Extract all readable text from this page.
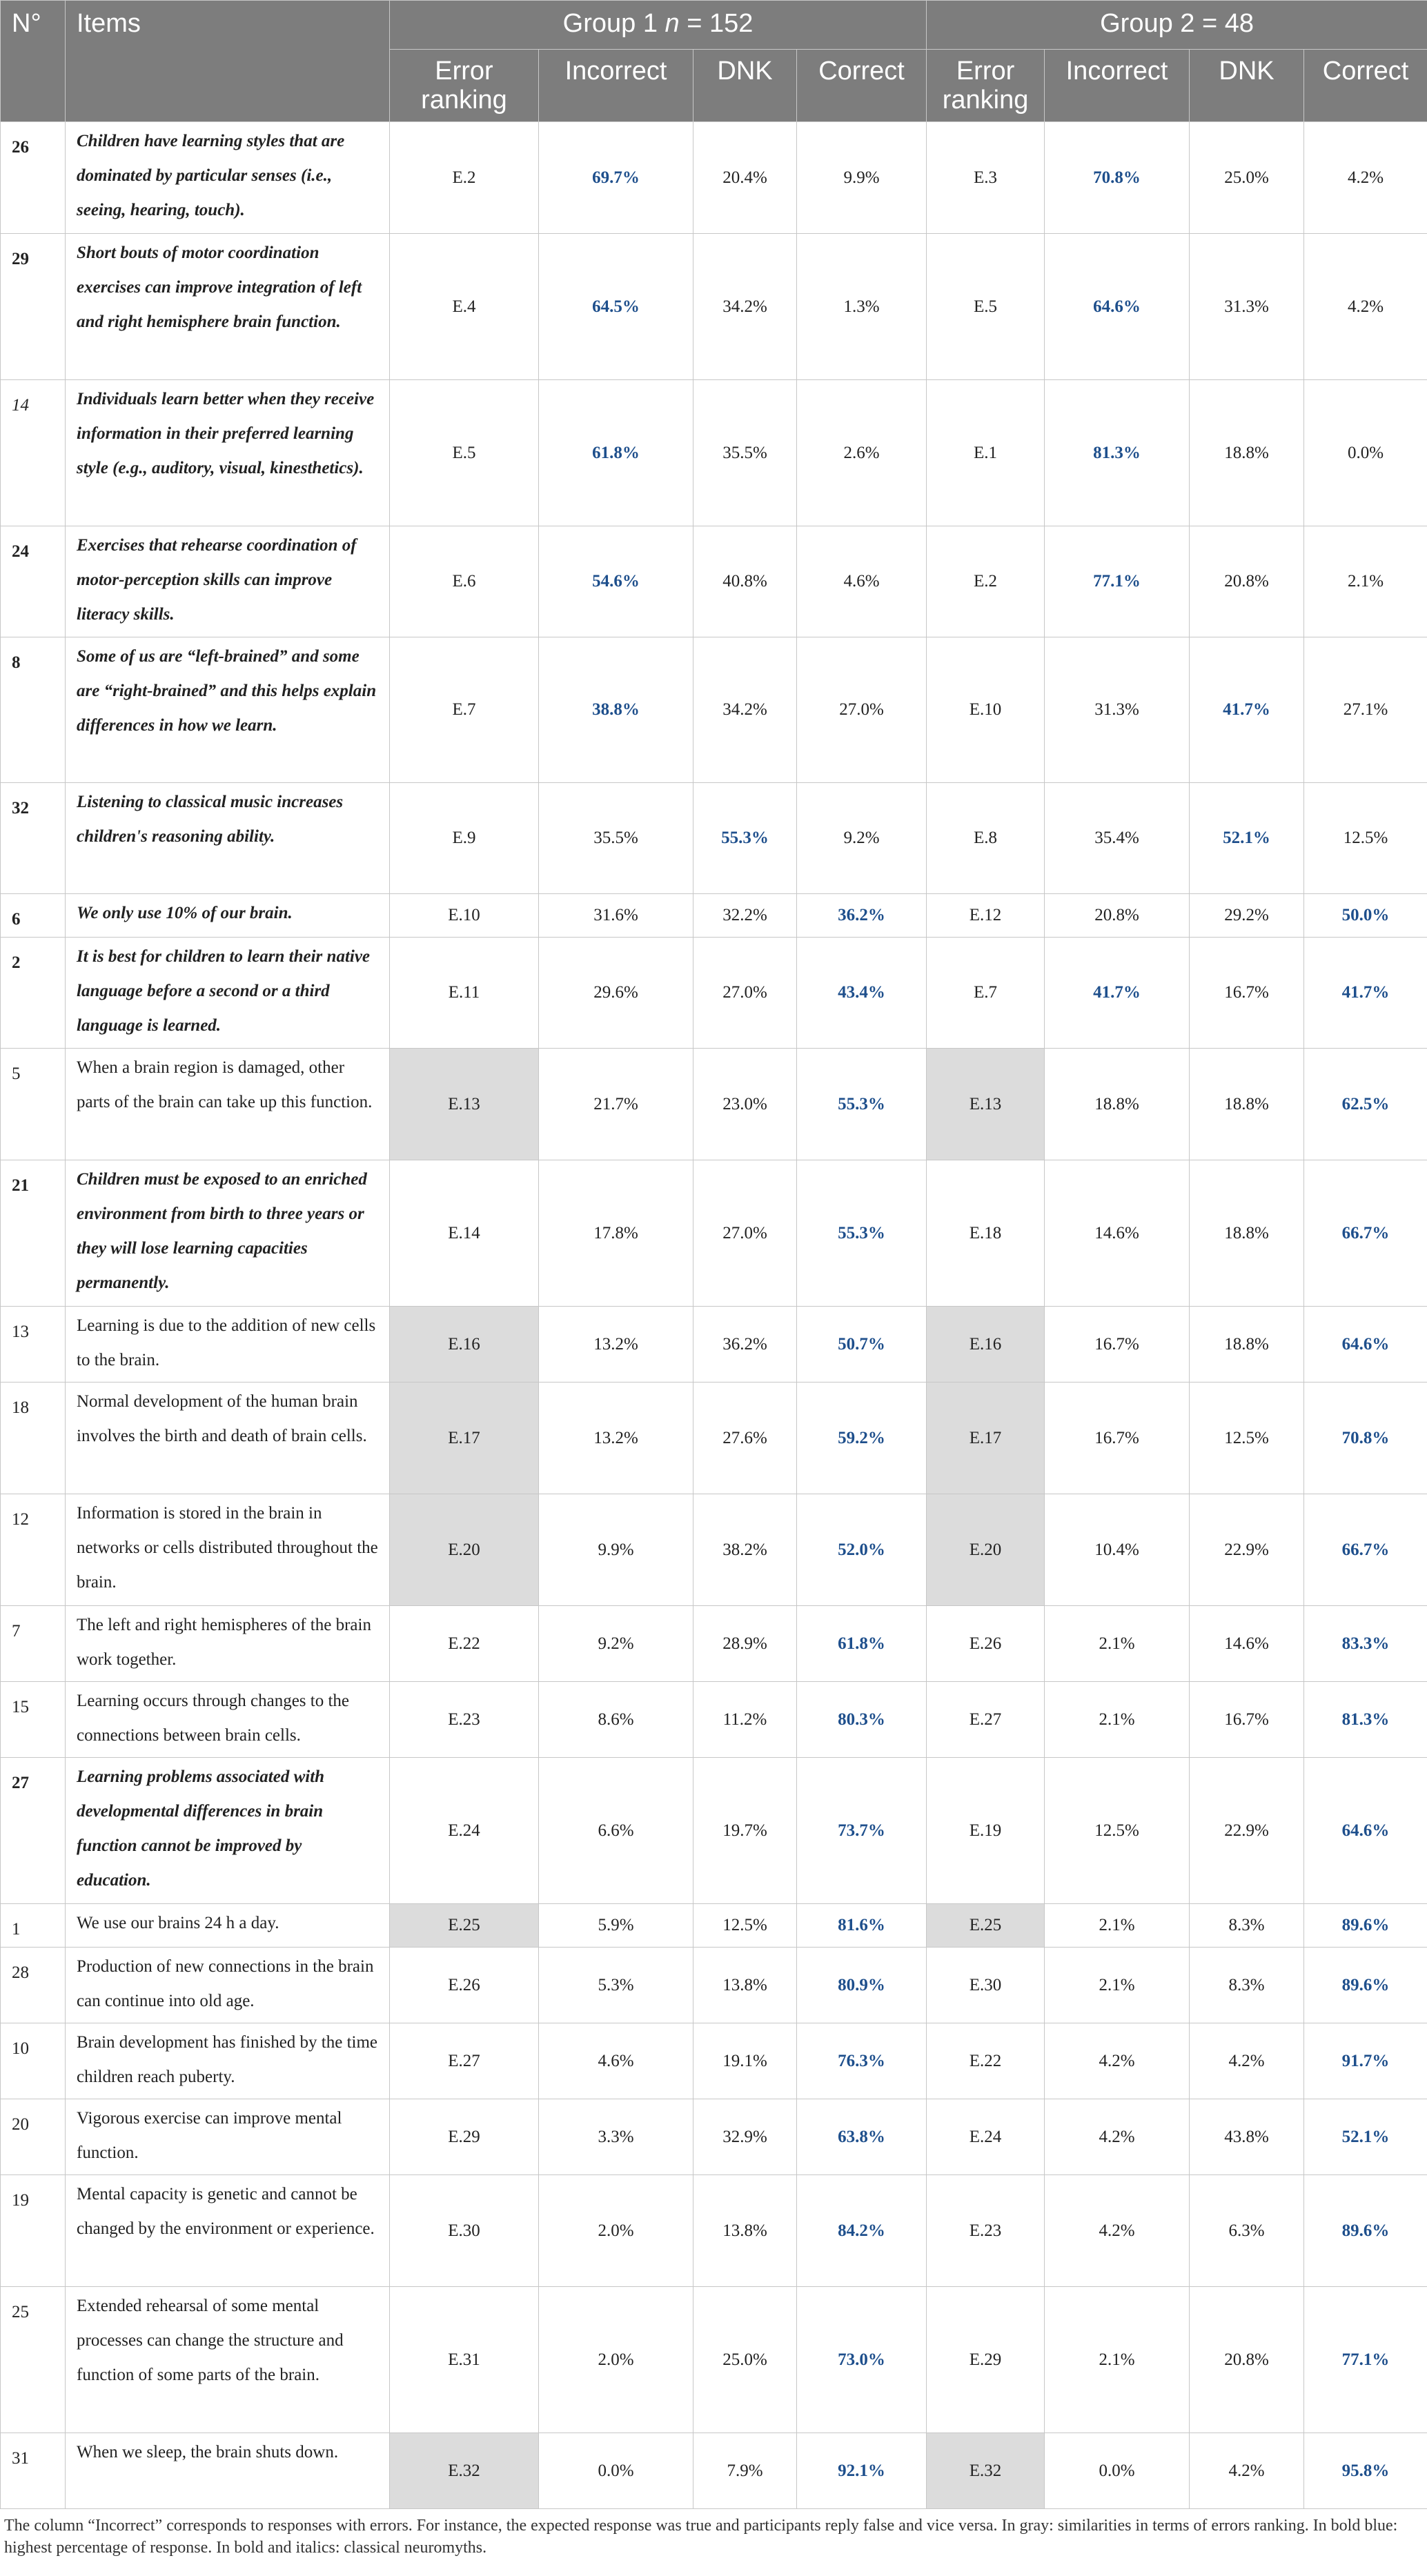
N°	Items	Group 1 n = 152				Group 2 = 48			
		Error ranking	Incorrect	DNK	Correct	Error ranking	Incorrect	DNK	Correct
26	Children have learning styles that are dominated by particular senses (i.e., seeing, hearing, touch).	E.2	69.7%	20.4%	9.9%	E.3	70.8%	25.0%	4.2%
29	Short bouts of motor coordination exercises can improve integration of left and right hemisphere brain function.	E.4	64.5%	34.2%	1.3%	E.5	64.6%	31.3%	4.2%
14	Individuals learn better when they receive information in their preferred learning style (e.g., auditory, visual, kinesthetics).	E.5	61.8%	35.5%	2.6%	E.1	81.3%	18.8%	0.0%
24	Exercises that rehearse coordination of motor-perception skills can improve literacy skills.	E.6	54.6%	40.8%	4.6%	E.2	77.1%	20.8%	2.1%
8	Some of us are “left-brained” and some are “right-brained” and this helps explain differences in how we learn.	E.7	38.8%	34.2%	27.0%	E.10	31.3%	41.7%	27.1%
32	Listening to classical music increases children's reasoning ability.	E.9	35.5%	55.3%	9.2%	E.8	35.4%	52.1%	12.5%
6	We only use 10% of our brain.	E.10	31.6%	32.2%	36.2%	E.12	20.8%	29.2%	50.0%
2	It is best for children to learn their native language before a second or a third language is learned.	E.11	29.6%	27.0%	43.4%	E.7	41.7%	16.7%	41.7%
5	When a brain region is damaged, other parts of the brain can take up this function.	E.13	21.7%	23.0%	55.3%	E.13	18.8%	18.8%	62.5%
21	Children must be exposed to an enriched environment from birth to three years or they will lose learning capacities permanently.	E.14	17.8%	27.0%	55.3%	E.18	14.6%	18.8%	66.7%
13	Learning is due to the addition of new cells to the brain.	E.16	13.2%	36.2%	50.7%	E.16	16.7%	18.8%	64.6%
18	Normal development of the human brain involves the birth and death of brain cells.	E.17	13.2%	27.6%	59.2%	E.17	16.7%	12.5%	70.8%
12	Information is stored in the brain in networks or cells distributed throughout the brain.	E.20	9.9%	38.2%	52.0%	E.20	10.4%	22.9%	66.7%
7	The left and right hemispheres of the brain work together.	E.22	9.2%	28.9%	61.8%	E.26	2.1%	14.6%	83.3%
15	Learning occurs through changes to the connections between brain cells.	E.23	8.6%	11.2%	80.3%	E.27	2.1%	16.7%	81.3%
27	Learning problems associated with developmental differences in brain function cannot be improved by education.	E.24	6.6%	19.7%	73.7%	E.19	12.5%	22.9%	64.6%
1	We use our brains 24 h a day.	E.25	5.9%	12.5%	81.6%	E.25	2.1%	8.3%	89.6%
28	Production of new connections in the brain can continue into old age.	E.26	5.3%	13.8%	80.9%	E.30	2.1%	8.3%	89.6%
10	Brain development has finished by the time children reach puberty.	E.27	4.6%	19.1%	76.3%	E.22	4.2%	4.2%	91.7%
20	Vigorous exercise can improve mental function.	E.29	3.3%	32.9%	63.8%	E.24	4.2%	43.8%	52.1%
19	Mental capacity is genetic and cannot be changed by the environment or experience.	E.30	2.0%	13.8%	84.2%	E.23	4.2%	6.3%	89.6%
25	Extended rehearsal of some mental processes can change the structure and function of some parts of the brain.	E.31	2.0%	25.0%	73.0%	E.29	2.1%	20.8%	77.1%
31	When we sleep, the brain shuts down.	E.32	0.0%	7.9%	92.1%	E.32	0.0%	4.2%	95.8%
The column “Incorrect” corresponds to responses with errors. For instance, the expected response was true and participants reply false and vice versa. In gray: similarities in terms of errors ranking. In bold blue: highest percentage of response. In bold and italics: classical neuromyths.
